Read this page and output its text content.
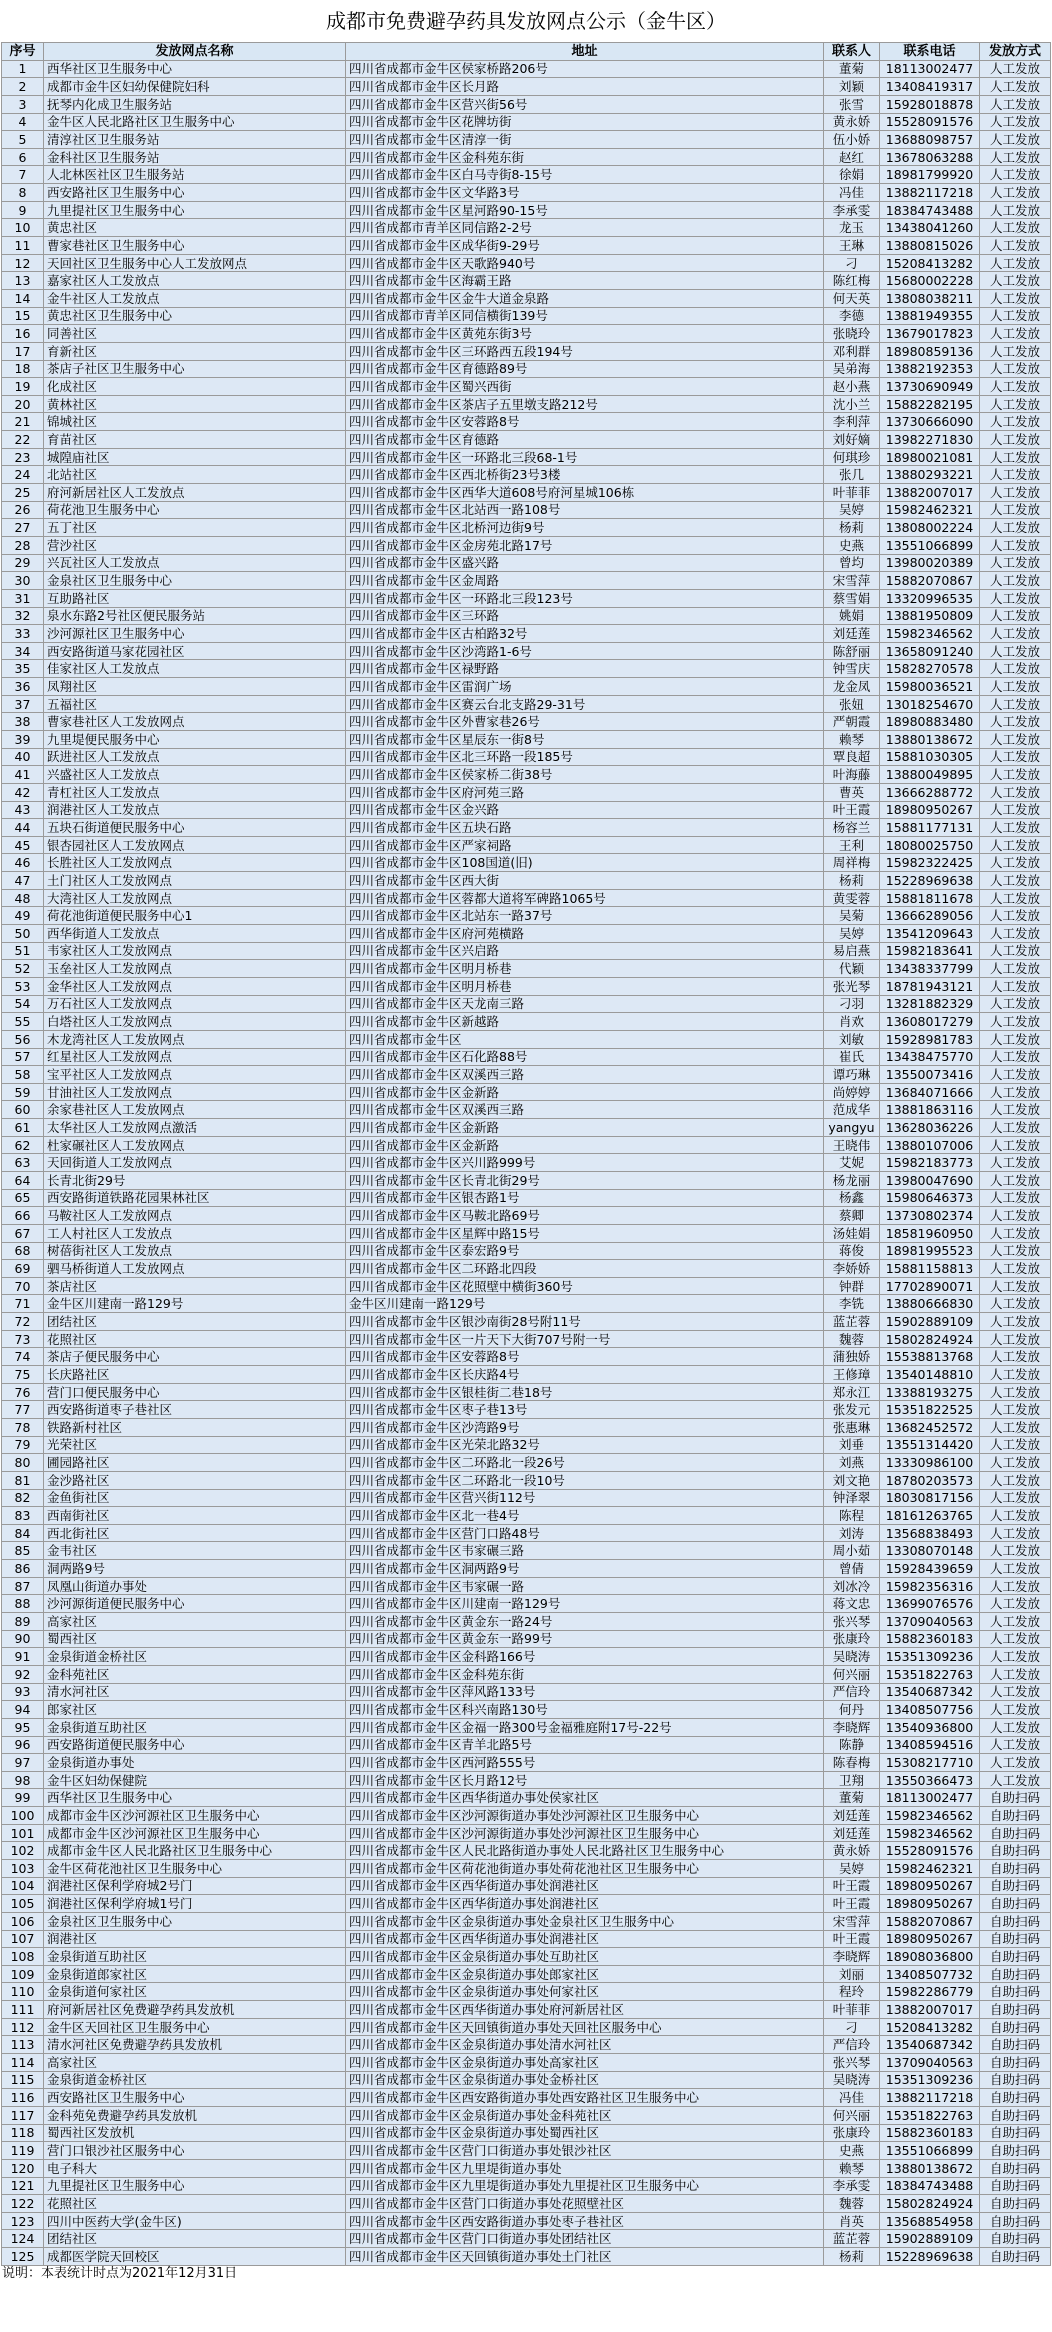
成都市免费避孕药具发放网点公示（金牛区）
序号	发放网点名称	地址	联系人	联系电话	发放方式
1	西华社区卫生服务中心	四川省成都市金牛区侯家桥路206号	董菊	18113002477	人工发放
2	成都市金牛区妇幼保健院妇科	四川省成都市金牛区长月路	刘颖	13408419317	人工发放
3	抚琴内化成卫生服务站	四川省成都市金牛区营兴街56号	张雪	15928018878	人工发放
4	金牛区人民北路社区卫生服务中心	四川省成都市金牛区花牌坊街	黄永娇	15528091576	人工发放
5	清淳社区卫生服务站	四川省成都市金牛区清淳一街	伍小娇	13688098757	人工发放
6	金科社区卫生服务站	四川省成都市金牛区金科苑东街	赵红	13678063288	人工发放
7	人北林医社区卫生服务站	四川省成都市金牛区白马寺街8-15号	徐娟	18981799920	人工发放
8	西安路社区卫生服务中心	四川省成都市金牛区文华路3号	冯佳	13882117218	人工发放
9	九里提社区卫生服务中心	四川省成都市金牛区星河路90-15号	李承雯	18384743488	人工发放
10	黄忠社区	四川省成都市青羊区同信路2-2号	龙玉	13438041260	人工发放
11	曹家巷社区卫生服务中心	四川省成都市金牛区成华街9-29号	王琳	13880815026	人工发放
12	天回社区卫生服务中心人工发放网点	四川省成都市金牛区天歌路940号	刁	15208413282	人工发放
13	嘉家社区人工发放点	四川省成都市金牛区海霸王路	陈红梅	15680002228	人工发放
14	金牛社区人工发放点	四川省成都市金牛区金牛大道金泉路	何天英	13808038211	人工发放
15	黄忠社区卫生服务中心	四川省成都市青羊区同信横街139号	李德	13881949355	人工发放
16	同善社区	四川省成都市金牛区黄苑东街3号	张晓玲	13679017823	人工发放
17	育新社区	四川省成都市金牛区三环路西五段194号	邓利群	18980859136	人工发放
18	茶店子社区卫生服务中心	四川省成都市金牛区育德路89号	吴弟海	13882192353	人工发放
19	化成社区	四川省成都市金牛区蜀兴西街	赵小燕	13730690949	人工发放
20	黄林社区	四川省成都市金牛区茶店子五里墩支路212号	沈小兰	15882282195	人工发放
21	锦城社区	四川省成都市金牛区安蓉路8号	李利萍	13730666090	人工发放
22	育苗社区	四川省成都市金牛区育德路	刘好嫡	13982271830	人工发放
23	城隍庙社区	四川省成都市金牛区一环路北三段68-1号	何琪珍	18980021081	人工发放
24	北站社区	四川省成都市金牛区西北桥街23号3楼	张几	13880293221	人工发放
25	府河新居社区人工发放点	四川省成都市金牛区西华大道608号府河星城106栋	叶菲菲	13882007017	人工发放
26	荷花池卫生服务中心	四川省成都市金牛区北站西一路108号	吴婷	15982462321	人工发放
27	五丁社区	四川省成都市金牛区北桥河边街9号	杨莉	13808002224	人工发放
28	营沙社区	四川省成都市金牛区金房苑北路17号	史燕	13551066899	人工发放
29	兴瓦社区人工发放点	四川省成都市金牛区盛兴路	曾均	13980020389	人工发放
30	金泉社区卫生服务中心	四川省成都市金牛区金周路	宋雪萍	15882070867	人工发放
31	互助路社区	四川省成都市金牛区一环路北三段123号	蔡雪娟	13320996535	人工发放
32	泉水东路2号社区便民服务站	四川省成都市金牛区三环路	姚娟	13881950809	人工发放
33	沙河源社区卫生服务中心	四川省成都市金牛区古柏路32号	刘廷莲	15982346562	人工发放
34	西安路街道马家花园社区	四川省成都市金牛区沙湾路1-6号	陈舒丽	13658091240	人工发放
35	佳家社区人工发放点	四川省成都市金牛区禄野路	钟雪庆	15828270578	人工发放
36	凤翔社区	四川省成都市金牛区雷润广场	龙金凤	15980036521	人工发放
37	五福社区	四川省成都市金牛区赛云台北支路29-31号	张妞	13018254670	人工发放
38	曹家巷社区人工发放网点	四川省成都市金牛区外曹家巷26号	严朝霞	18980883480	人工发放
39	九里堤便民服务中心	四川省成都市金牛区星辰东一街8号	赖琴	13880138672	人工发放
40	跃进社区人工发放点	四川省成都市金牛区北三环路一段185号	覃良超	15881030305	人工发放
41	兴盛社区人工发放点	四川省成都市金牛区侯家桥二街38号	叶海藤	13880049895	人工发放
42	青杠社区人工发放点	四川省成都市金牛区府河苑三路	曹英	13666288772	人工发放
43	润港社区人工发放点	四川省成都市金牛区金兴路	叶王霞	18980950267	人工发放
44	五块石街道便民服务中心	四川省成都市金牛区五块石路	杨容兰	15881177131	人工发放
45	银杏园社区人工发放网点	四川省成都市金牛区严家祠路	王利	18080025750	人工发放
46	长胜社区人工发放网点	四川省成都市金牛区108国道(旧)	周祥梅	15982322425	人工发放
47	土门社区人工发放网点	四川省成都市金牛区西大街	杨莉	15228969638	人工发放
48	大湾社区人工发放网点	四川省成都市金牛区蓉都大道将军碑路1065号	黄雯蓉	15881811678	人工发放
49	荷花池街道便民服务中心1	四川省成都市金牛区北站东一路37号	吴菊	13666289056	人工发放
50	西华街道人工发放点	四川省成都市金牛区府河苑横路	吴婷	13541209643	人工发放
51	韦家社区人工发放网点	四川省成都市金牛区兴启路	易启燕	15982183641	人工发放
52	玉垒社区人工发放网点	四川省成都市金牛区明月桥巷	代颖	13438337799	人工发放
53	金华社区人工发放网点	四川省成都市金牛区明月桥巷	张光琴	18781943121	人工发放
54	万石社区人工发放网点	四川省成都市金牛区天龙南三路	刁羽	13281882329	人工发放
55	白塔社区人工发放网点	四川省成都市金牛区新越路	肖欢	13608017279	人工发放
56	木龙湾社区人工发放网点	四川省成都市金牛区	刘敏	15928981783	人工发放
57	红星社区人工发放网点	四川省成都市金牛区石化路88号	崔氏	13438475770	人工发放
58	宝平社区人工发放网点	四川省成都市金牛区双溪西三路	谭巧琳	13550073416	人工发放
59	甘油社区人工发放网点	四川省成都市金牛区金新路	尚婷婷	13684071666	人工发放
60	余家巷社区人工发放网点	四川省成都市金牛区双溪西三路	范成华	13881863116	人工发放
61	太华社区人工发放网点激活	四川省成都市金牛区金新路	yangyu	13628036226	人工发放
62	杜家碾社区人工发放网点	四川省成都市金牛区金新路	王晓伟	13880107006	人工发放
63	天回街道人工发放网点	四川省成都市金牛区兴川路999号	艾妮	15982183773	人工发放
64	长青北街29号	四川省成都市金牛区长青北街29号	杨龙丽	13980047690	人工发放
65	西安路街道铁路花园果林社区	四川省成都市金牛区银杏路1号	杨鑫	15980646373	人工发放
66	马鞍社区人工发放网点	四川省成都市金牛区马鞍北路69号	蔡卿	13730802374	人工发放
67	工人村社区人工发放点	四川省成都市金牛区星辉中路15号	汤娃娟	18581960950	人工发放
68	树蓓街社区人工发放点	四川省成都市金牛区泰宏路9号	蒋俊	18981995523	人工发放
69	驷马桥街道人工发放网点	四川省成都市金牛区二环路北四段	李娇娇	15881158813	人工发放
70	茶店社区	四川省成都市金牛区花照壁中横街360号	钟群	17702890071	人工发放
71	金牛区川建南一路129号	金牛区川建南一路129号	李铣	13880666830	人工发放
72	团结社区	四川省成都市金牛区银沙南街28号附11号	蓝芷蓉	15902889109	人工发放
73	花照社区	四川省成都市金牛区一片天下大街707号附一号	魏蓉	15802824924	人工发放
74	茶店子便民服务中心	四川省成都市金牛区安蓉路8号	蒲独娇	15538813768	人工发放
75	长庆路社区	四川省成都市金牛区长庆路4号	王修璋	13540148810	人工发放
76	营门口便民服务中心	四川省成都市金牛区银桂街二巷18号	郑永江	13388193275	人工发放
77	西安路街道枣子巷社区	四川省成都市金牛区枣子巷13号	张发元	15351822525	人工发放
78	铁路新村社区	四川省成都市金牛区沙湾路9号	张惠琳	13682452572	人工发放
79	光荣社区	四川省成都市金牛区光荣北路32号	刘垂	13551314420	人工发放
80	圃园路社区	四川省成都市金牛区二环路北一段26号	刘燕	13330986100	人工发放
81	金沙路社区	四川省成都市金牛区二环路北一段10号	刘文艳	18780203573	人工发放
82	金鱼街社区	四川省成都市金牛区营兴街112号	钟泽翠	18030817156	人工发放
83	西南街社区	四川省成都市金牛区北一巷4号	陈程	18161263765	人工发放
84	西北街社区	四川省成都市金牛区营门口路48号	刘涛	13568838493	人工发放
85	金韦社区	四川省成都市金牛区韦家碾三路	周小茹	13308070148	人工发放
86	洞两路9号	四川省成都市金牛区洞两路9号	曾倩	15928439659	人工发放
87	凤凰山街道办事处	四川省成都市金牛区韦家碾一路	刘冰冷	15982356316	人工发放
88	沙河源街道便民服务中心	四川省成都市金牛区川建南一路129号	蒋文忠	13699076576	人工发放
89	高家社区	四川省成都市金牛区黄金东一路24号	张兴琴	13709040563	人工发放
90	蜀西社区	四川省成都市金牛区黄金东一路99号	张康玲	15882360183	人工发放
91	金泉街道金桥社区	四川省成都市金牛区金科路166号	吴晓涛	15351309236	人工发放
92	金科苑社区	四川省成都市金牛区金科苑东街	何兴丽	15351822763	人工发放
93	清水河社区	四川省成都市金牛区萍风路133号	严信玲	13540687342	人工发放
94	郎家社区	四川省成都市金牛区科兴南路130号	何丹	13408507756	人工发放
95	金泉街道互助社区	四川省成都市金牛区金福一路300号金福雅庭附17号-22号	李晓辉	13540936800	人工发放
96	西安路街道便民服务中心	四川省成都市金牛区青羊北路5号	陈静	13408594516	人工发放
97	金泉街道办事处	四川省成都市金牛区西河路555号	陈春梅	15308217710	人工发放
98	金牛区妇幼保健院	四川省成都市金牛区长月路12号	卫翔	13550366473	人工发放
99	西华社区卫生服务中心	四川省成都市金牛区西华街道办事处侯家社区	董菊	18113002477	自助扫码
100	成都市金牛区沙河源社区卫生服务中心	四川省成都市金牛区沙河源街道办事处沙河源社区卫生服务中心	刘廷莲	15982346562	自助扫码
101	成都市金牛区沙河源社区卫生服务中心	四川省成都市金牛区沙河源街道办事处沙河源社区卫生服务中心	刘廷莲	15982346562	自助扫码
102	成都市金牛区人民北路社区卫生服务中心	四川省成都市金牛区人民北路街道办事处人民北路社区卫生服务中心	黄永娇	15528091576	自助扫码
103	金牛区荷花池社区卫生服务中心	四川省成都市金牛区荷花池街道办事处荷花池社区卫生服务中心	吴婷	15982462321	自助扫码
104	润港社区保利学府城2号门	四川省成都市金牛区西华街道办事处润港社区	叶王霞	18980950267	自助扫码
105	润港社区保利学府城1号门	四川省成都市金牛区西华街道办事处润港社区	叶王霞	18980950267	自助扫码
106	金泉社区卫生服务中心	四川省成都市金牛区金泉街道办事处金泉社区卫生服务中心	宋雪萍	15882070867	自助扫码
107	润港社区	四川省成都市金牛区西华街道办事处润港社区	叶王霞	18980950267	自助扫码
108	金泉街道互助社区	四川省成都市金牛区金泉街道办事处互助社区	李晓辉	18908036800	自助扫码
109	金泉街道郎家社区	四川省成都市金牛区金泉街道办事处郎家社区	刘丽	13408507732	自助扫码
110	金泉街道何家社区	四川省成都市金牛区金泉街道办事处何家社区	程玲	15982286779	自助扫码
111	府河新居社区免费避孕药具发放机	四川省成都市金牛区西华街道办事处府河新居社区	叶菲菲	13882007017	自助扫码
112	金牛区天回社区卫生服务中心	四川省成都市金牛区天回镇街道办事处天回社区服务中心	刁	15208413282	自助扫码
113	清水河社区免费避孕药具发放机	四川省成都市金牛区金泉街道办事处清水河社区	严信玲	13540687342	自助扫码
114	高家社区	四川省成都市金牛区金泉街道办事处高家社区	张兴琴	13709040563	自助扫码
115	金泉街道金桥社区	四川省成都市金牛区金泉街道办事处金桥社区	吴晓涛	15351309236	自助扫码
116	西安路社区卫生服务中心	四川省成都市金牛区西安路街道办事处西安路社区卫生服务中心	冯佳	13882117218	自助扫码
117	金科苑免费避孕药具发放机	四川省成都市金牛区金泉街道办事处金科苑社区	何兴丽	15351822763	自助扫码
118	蜀西社区发放机	四川省成都市金牛区金泉街道办事处蜀西社区	张康玲	15882360183	自助扫码
119	营门口银沙社区服务中心	四川省成都市金牛区营门口街道办事处银沙社区	史燕	13551066899	自助扫码
120	电子科大	四川省成都市金牛区九里堤街道办事处	赖琴	13880138672	自助扫码
121	九里提社区卫生服务中心	四川省成都市金牛区九里堤街道办事处九里提社区卫生服务中心	李承雯	18384743488	自助扫码
122	花照社区	四川省成都市金牛区营门口街道办事处花照壁社区	魏蓉	15802824924	自助扫码
123	四川中医药大学(金牛区)	四川省成都市金牛区西安路街道办事处枣子巷社区	肖英	13568854958	自助扫码
124	团结社区	四川省成都市金牛区营门口街道办事处团结社区	蓝芷蓉	15902889109	自助扫码
125	成都医学院天回校区	四川省成都市金牛区天回镇街道办事处土门社区	杨莉	15228969638	自助扫码
说明：本表统计时点为2021年12月31日
